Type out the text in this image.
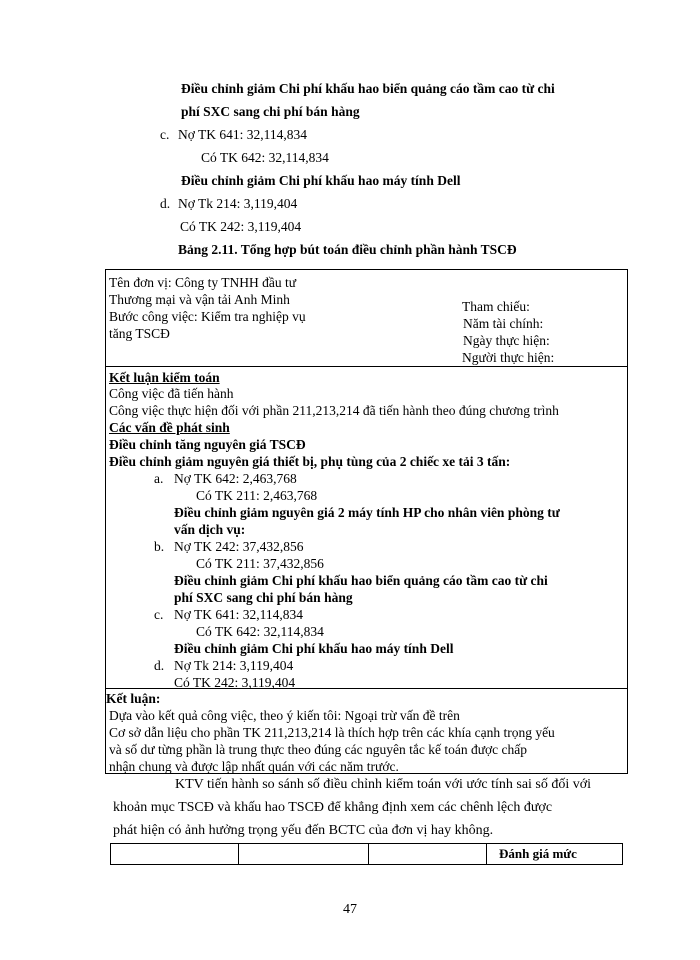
Điều chỉnh giảm Chi phí khấu hao biển quảng cáo tầm cao từ chi
phí SXC sang chi phí bán hàng
c. Nợ TK 641: 32,114,834
Có TK 642: 32,114,834
Điều chỉnh giảm Chi phí khấu hao máy tính Dell
d. Nợ Tk 214: 3,119,404
Có TK 242: 3,119,404
Bảng 2.11. Tổng hợp bút toán điều chỉnh phần hành TSCĐ
Tên đơn vị: Công ty TNHH đầu tư
Thương mại và vận tải Anh Minh
Bước công việc: Kiểm tra nghiệp vụ
tăng TSCĐ
Tham chiếu:
Năm tài chính:
Ngày thực hiện:
Người thực hiện:
Kết luận kiểm toán
Công việc đã tiến hành
Công việc thực hiện đối với phần 211,213,214 đã tiến hành theo đúng chương trình
Các vấn đề phát sinh
Điều chỉnh tăng nguyên giá TSCĐ
Điều chỉnh giảm nguyên giá thiết bị, phụ tùng của 2 chiếc xe tải 3 tấn:
a. Nợ TK 642: 2,463,768
Có TK 211: 2,463,768
Điều chỉnh giảm nguyên giá 2 máy tính HP cho nhân viên phòng tư
vấn dịch vụ:
b. Nợ TK 242: 37,432,856
Có TK 211: 37,432,856
Điều chỉnh giảm Chi phí khấu hao biển quảng cáo tầm cao từ chi
phí SXC sang chi phí bán hàng
c. Nợ TK 641: 32,114,834
Có TK 642: 32,114,834
Điều chỉnh giảm Chi phí khấu hao máy tính Dell
d. Nợ Tk 214: 3,119,404
Có TK 242: 3,119,404
Kết luận:
Dựa vào kết quả công việc, theo ý kiến tôi: Ngoại trừ vấn đề trên
Cơ sở dẫn liệu cho phần TK 211,213,214 là thích hợp trên các khía cạnh trọng yếu
và số dư từng phần là trung thực theo đúng các nguyên tắc kế toán được chấp
nhận chung và được lập nhất quán với các năm trước.
KTV tiến hành so sánh số điều chỉnh kiểm toán với ước tính sai số đối với
khoản mục TSCĐ và khấu hao TSCĐ để khẳng định xem các chênh lệch được
phát hiện có ảnh hưởng trọng yếu đến BCTC của đơn vị hay không.
Đánh giá mức
47
